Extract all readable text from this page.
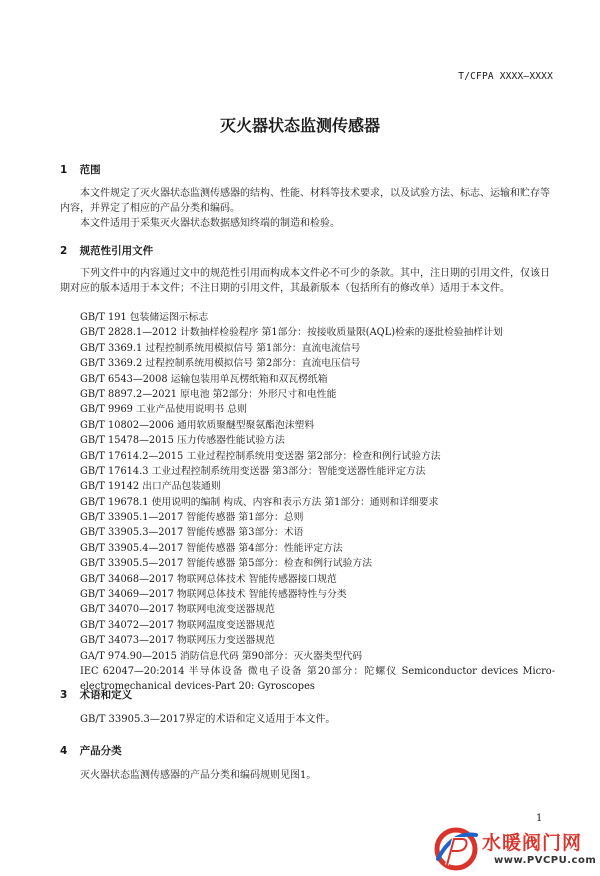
T/CFPA XXXX—XXXX
灭火器状态监测传感器
1 范围
本文件规定了灭火器状态监测传感器的结构、性能、材料等技术要求，以及试验方法、标志、运输和贮存等内容，并界定了相应的产品分类和编码。
本文件适用于采集灭火器状态数据感知终端的制造和检验。
2 规范性引用文件
下列文件中的内容通过文中的规范性引用而构成本文件必不可少的条款。其中，注日期的引用文件，仅该日期对应的版本适用于本文件；不注日期的引用文件，其最新版本（包括所有的修改单）适用于本文件。
GB/T 191 包装储运图示标志
GB/T 2828.1—2012 计数抽样检验程序 第1部分：按接收质量限(AQL)检索的逐批检验抽样计划
GB/T 3369.1 过程控制系统用模拟信号 第1部分：直流电流信号
GB/T 3369.2 过程控制系统用模拟信号 第2部分：直流电压信号
GB/T 6543—2008 运输包装用单瓦楞纸箱和双瓦楞纸箱
GB/T 8897.2—2021 原电池 第2部分：外形尺寸和电性能
GB/T 9969 工业产品使用说明书 总则
GB/T 10802—2006 通用软质聚醚型聚氨酯泡沫塑料
GB/T 15478—2015 压力传感器性能试验方法
GB/T 17614.2—2015 工业过程控制系统用变送器 第2部分：检查和例行试验方法
GB/T 17614.3 工业过程控制系统用变送器 第3部分：智能变送器性能评定方法
GB/T 19142 出口产品包装通则
GB/T 19678.1 使用说明的编制 构成、内容和表示方法 第1部分：通则和详细要求
GB/T 33905.1—2017 智能传感器 第1部分：总则
GB/T 33905.3—2017 智能传感器 第3部分：术语
GB/T 33905.4—2017 智能传感器 第4部分：性能评定方法
GB/T 33905.5—2017 智能传感器 第5部分：检查和例行试验方法
GB/T 34068—2017 物联网总体技术 智能传感器接口规范
GB/T 34069—2017 物联网总体技术 智能传感器特性与分类
GB/T 34070—2017 物联网电流变送器规范
GB/T 34072—2017 物联网温度变送器规范
GB/T 34073—2017 物联网压力变送器规范
GA/T 974.90—2015 消防信息代码 第90部分：灭火器类型代码
IEC 62047—20:2014 半导体设备 微电子设备 第20部分：陀螺仪 Semiconductor devices Micro-electromechanical devices-Part 20: Gyroscopes
3 术语和定义
GB/T 33905.3—2017界定的术语和定义适用于本文件。
4 产品分类
灭火器状态监测传感器的产品分类和编码规则见图1。
1
水暖阀门网
www.PVCPU.com
